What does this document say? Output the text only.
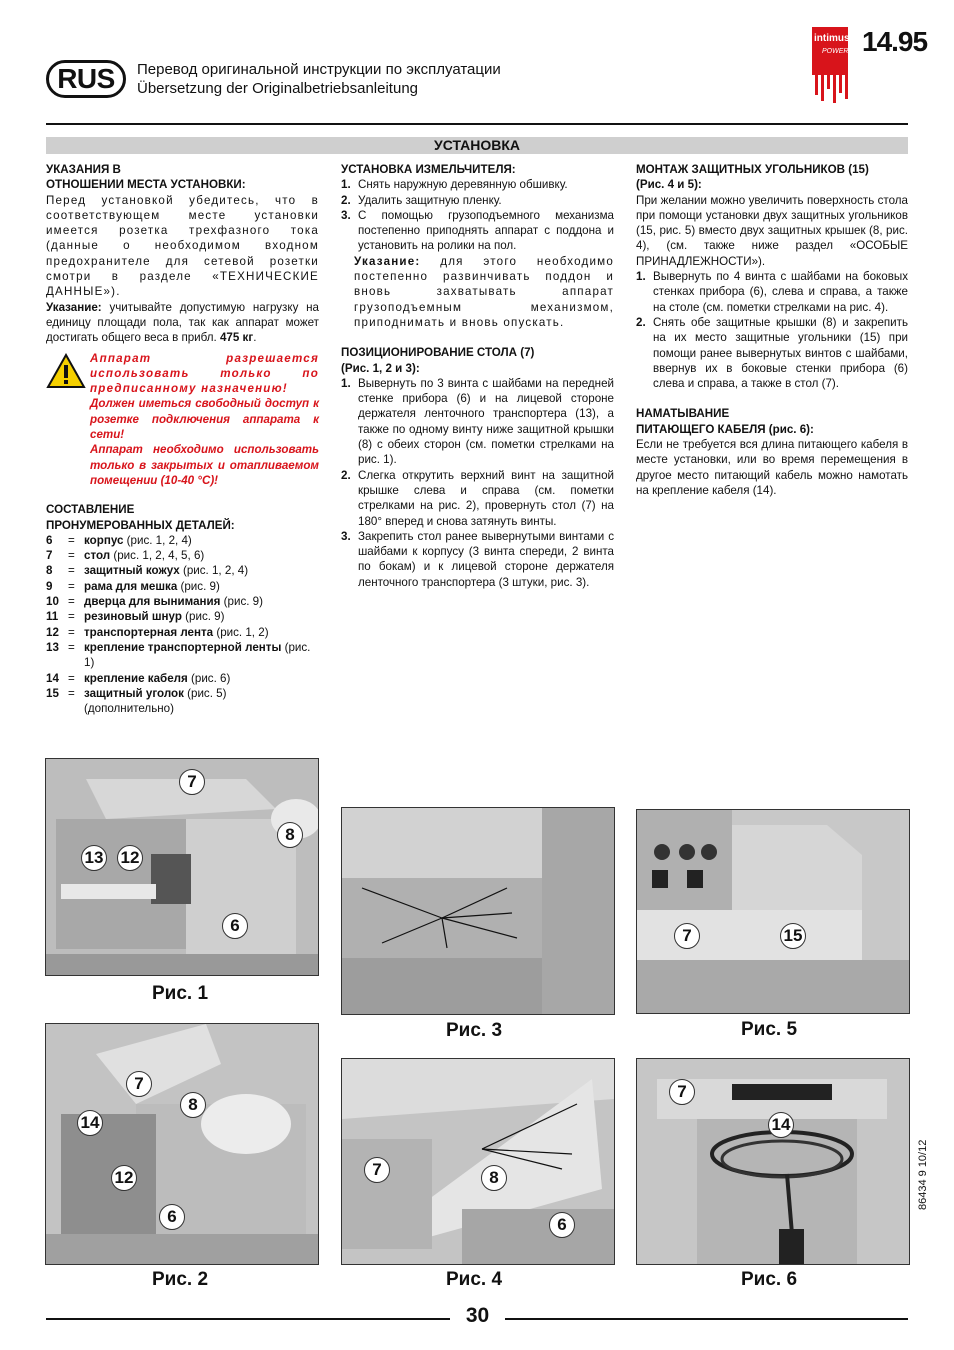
RUS	Перевод оригинальной инструкции по эксплуатации
Übersetzung der Originalbetriebsanleitung
intimus
POWER 14.95
УСТАНОВКА

УКАЗАНИЯ В

ОТНОШЕНИИ МЕСТА УСТАНОВКИ:

Перед установкой убедитесь, что в соответствующем месте установки имеется розетка трехфазного тока (данные о необходимом входном предохранителе для сетевой розетки смотри в разделе «ТЕХНИЧЕСКИЕ ДАННЫЕ»).

Указание: учитывайте допустимую нагрузку на единицу площади пола, так как аппарат может достигать общего веса в прибл. 475 кг.

Аппарат разрешается использовать только по предписанному назначению!

Должен иметься свободный доступ к розетке подключения аппарата к сети!

Аппарат необходимо использовать только в закрытых и отапливаемом помещении (10-40 °C)!

СОСТАВЛЕНИЕ

ПРОНУМЕРОВАННЫХ ДЕТАЛЕЙ:

6	= корпус (рис. 1, 2, 4)
7	= стол (рис. 1, 2, 4, 5, 6)
8	= защитный кожух (рис. 1, 2, 4)
9	= рама для мешка (рис. 9)
10 = дверца для вынимания (рис. 9)
11 = резиновый шнур (рис. 9)
12 = транспортерная лента (рис. 1, 2)
13 = крепление транспортерной ленты (рис. 1)
14 = крепление кабеля (рис. 6)
15 = защитный уголок (рис. 5) (дополнительно)

УСТАНОВКА ИЗМЕЛЬЧИТЕЛЯ:

1. Снять наружную деревянную обшивку.
2. Удалить защитную пленку.
3. С помощью грузоподъемного механизма постепенно приподнять аппарат с поддона и установить на ролики на пол.

Указание: для этого необходимо постепенно развинчивать поддон и вновь захватывать аппарат грузоподъемным механизмом, приподнимать и вновь опускать.

ПОЗИЦИОНИРОВАНИЕ СТОЛА (7)

(Рис. 1, 2 и 3):

1. Вывернуть по 3 винта с шайбами на передней стенке прибора (6) и на лицевой стороне держателя ленточного транспортера (13), а также по одному винту ниже защитной крышки (8) с обеих сторон (см. пометки стрелками на рис. 1).
2. Слегка открутить верхний винт на защитной крышке слева и справа (см. пометки стрелками на рис. 2), провернуть стол (7) на 180° вперед и снова затянуть винты.
3. Закрепить стол ранее вывернутыми винтами с шайбами к корпусу (3 винта спереди, 2 винта по бокам) и к лицевой стороне держателя ленточного транспортера (3 штуки, рис. 3).

МОНТАЖ ЗАЩИТНЫХ УГОЛЬНИКОВ (15)

(Рис. 4 и 5):

При желании можно увеличить поверхность стола при помощи установки двух защитных угольников (15, рис. 5) вместо двух защитных крышек (8, рис. 4), (см. также ниже раздел «ОСОБЫЕ ПРИНАДЛЕЖНОСТИ»).

1. Вывернуть по 4 винта с шайбами на боковых стенках прибора (6), слева и справа, а также на столе (см. пометки стрелками на рис. 4).
2. Снять обе защитные крышки (8) и закрепить на их место защитные угольники (15) при помощи ранее вывернутых винтов с шайбами, ввернув их в боковые стенки прибора (6) слева и справа, а также в стол (7).

НАМАТЫВАНИЕ

ПИТАЮЩЕГО КАБЕЛЯ (рис. 6):

Если не требуется вся длина питающего кабеля в месте установки, или во время перемещения в другое место питающий кабель можно намотать на крепление кабеля (14).

7
8
13 12
6
Рис. 1
7
8
14
12
6
Рис. 2
Рис. 3
7	8
6
Рис. 4
7	15
Рис. 5
7
14
Рис. 6
86434 9 10/12
30
